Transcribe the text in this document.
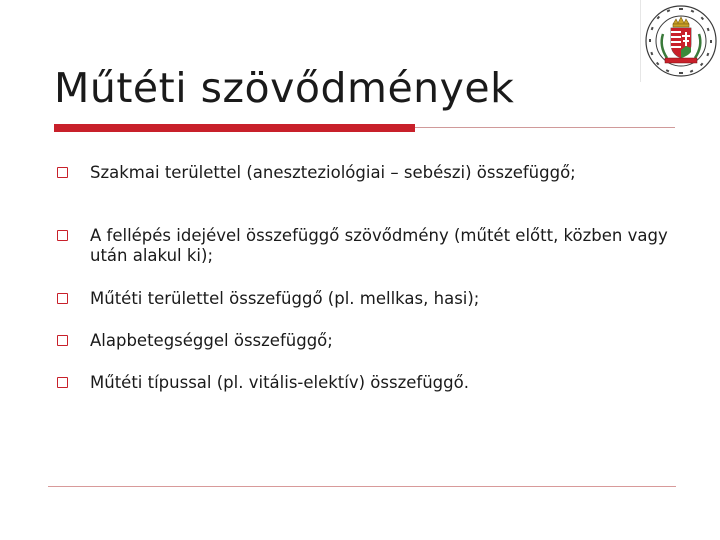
Műtéti szövődmények
Szakmai területtel (aneszteziológiai – sebészi) összefüggő;
A fellépés idejével összefüggő szövődmény (műtét előtt, közben vagy után alakul ki);
Műtéti területtel összefüggő (pl. mellkas, hasi);
Alapbetegséggel összefüggő;
Műtéti típussal (pl. vitális-elektív) összefüggő.
